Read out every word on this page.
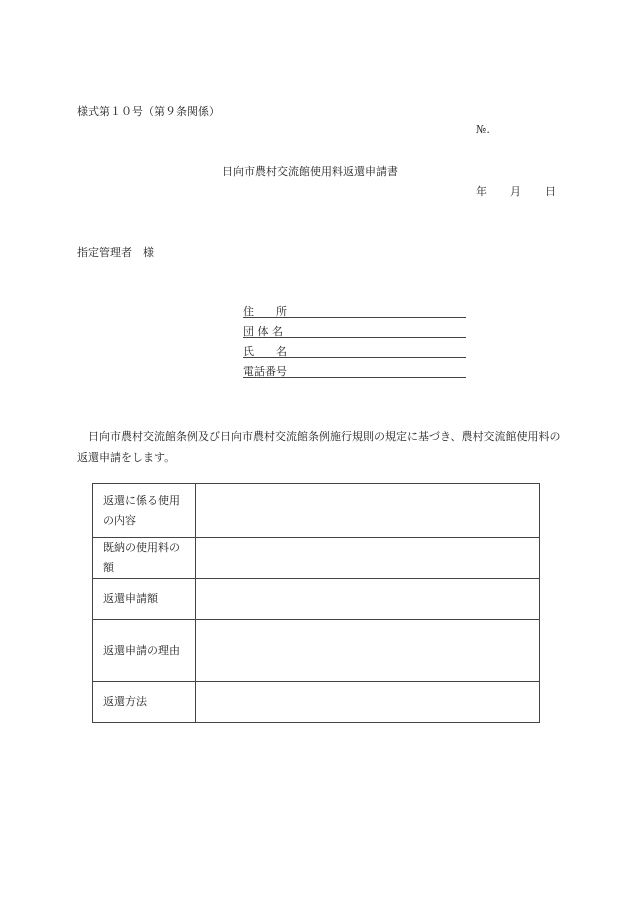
様式第１０号（第９条関係）
№.
日向市農村交流館使用料返還申請書
年 月 日
指定管理者　様
住　　所
団 体 名
氏　　名
電話番号
日向市農村交流館条例及び日向市農村交流館条例施行規則の規定に基づき、農村交流館使用料の返還申請をします。
返還に係る使用の内容	
既納の使用料の額	
返還申請額	
返還申請の理由	
返還方法	
